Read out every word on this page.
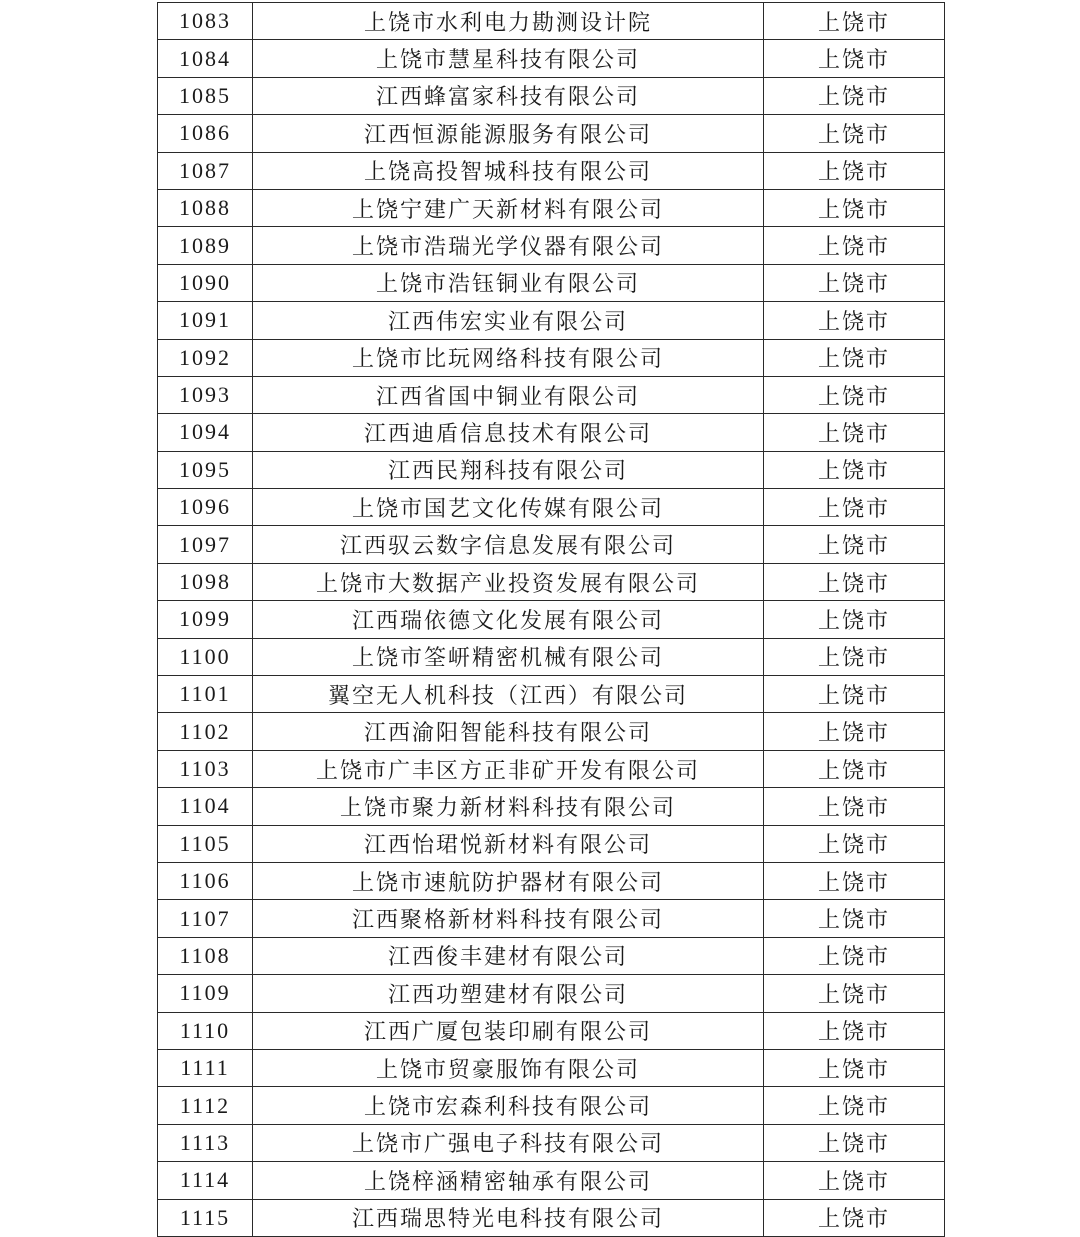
1083	上饶市水利电力勘测设计院	上饶市
1084	上饶市慧星科技有限公司	上饶市
1085	江西蜂富家科技有限公司	上饶市
1086	江西恒源能源服务有限公司	上饶市
1087	上饶高投智城科技有限公司	上饶市
1088	上饶宁建广天新材料有限公司	上饶市
1089	上饶市浩瑞光学仪器有限公司	上饶市
1090	上饶市浩钰铜业有限公司	上饶市
1091	江西伟宏实业有限公司	上饶市
1092	上饶市比玩网络科技有限公司	上饶市
1093	江西省国中铜业有限公司	上饶市
1094	江西迪盾信息技术有限公司	上饶市
1095	江西民翔科技有限公司	上饶市
1096	上饶市国艺文化传媒有限公司	上饶市
1097	江西驭云数字信息发展有限公司	上饶市
1098	上饶市大数据产业投资发展有限公司	上饶市
1099	江西瑞依德文化发展有限公司	上饶市
1100	上饶市筌岍精密机械有限公司	上饶市
1101	翼空无人机科技（江西）有限公司	上饶市
1102	江西渝阳智能科技有限公司	上饶市
1103	上饶市广丰区方正非矿开发有限公司	上饶市
1104	上饶市聚力新材料科技有限公司	上饶市
1105	江西怡珺悦新材料有限公司	上饶市
1106	上饶市速航防护器材有限公司	上饶市
1107	江西聚格新材料科技有限公司	上饶市
1108	江西俊丰建材有限公司	上饶市
1109	江西功塑建材有限公司	上饶市
1110	江西广厦包装印刷有限公司	上饶市
1111	上饶市贸豪服饰有限公司	上饶市
1112	上饶市宏森利科技有限公司	上饶市
1113	上饶市广强电子科技有限公司	上饶市
1114	上饶梓涵精密轴承有限公司	上饶市
1115	江西瑞思特光电科技有限公司	上饶市
